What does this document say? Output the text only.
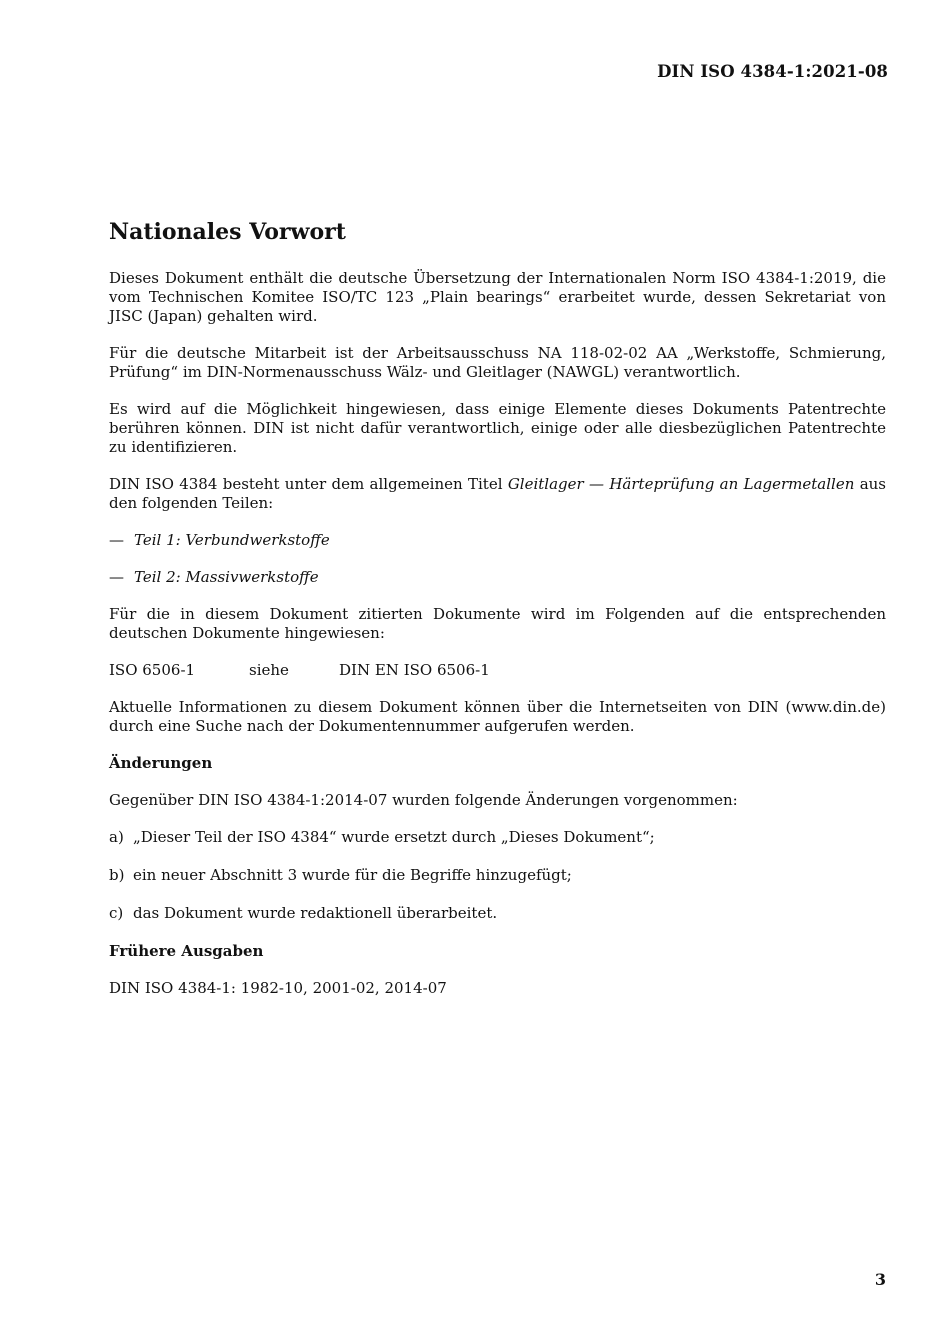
DIN ISO 4384-1:2021-08
Nationales Vorwort

Dieses Dokument enthält die deutsche Übersetzung der Internationalen Norm ISO 4384-1:2019, die vom Technischen Komitee ISO/TC 123 „Plain bearings“ erarbeitet wurde, dessen Sekretariat von JISC (Japan) gehalten wird.

Für die deutsche Mitarbeit ist der Arbeitsausschuss NA 118-02-02 AA „Werkstoffe, Schmierung, Prüfung“ im DIN-Normenausschuss Wälz- und Gleitlager (NAWGL) verantwortlich.

Es wird auf die Möglichkeit hingewiesen, dass einige Elemente dieses Dokuments Patentrechte berühren können. DIN ist nicht dafür verantwortlich, einige oder alle diesbezüglichen Patentrechte zu identifizieren.

DIN ISO 4384 besteht unter dem allgemeinen Titel Gleitlager — Härteprüfung an Lagermetallen aus den folgenden Teilen:

— Teil 1: Verbundwerkstoffe
— Teil 2: Massivwerkstoffe

Für die in diesem Dokument zitierten Dokumente wird im Folgenden auf die entsprechenden deutschen Dokumente hingewiesen:

ISO 6506-1	siehe	DIN EN ISO 6506-1

Aktuelle Informationen zu diesem Dokument können über die Internetseiten von DIN (www.din.de) durch eine Suche nach der Dokumentennummer aufgerufen werden.

Änderungen

Gegenüber DIN ISO 4384-1:2014-07 wurden folgende Änderungen vorgenommen:

a) „Dieser Teil der ISO 4384“ wurde ersetzt durch „Dieses Dokument“;
b) ein neuer Abschnitt 3 wurde für die Begriffe hinzugefügt;
c) das Dokument wurde redaktionell überarbeitet.
Frühere Ausgaben

DIN ISO 4384-1: 1982-10, 2001-02, 2014-07

3
